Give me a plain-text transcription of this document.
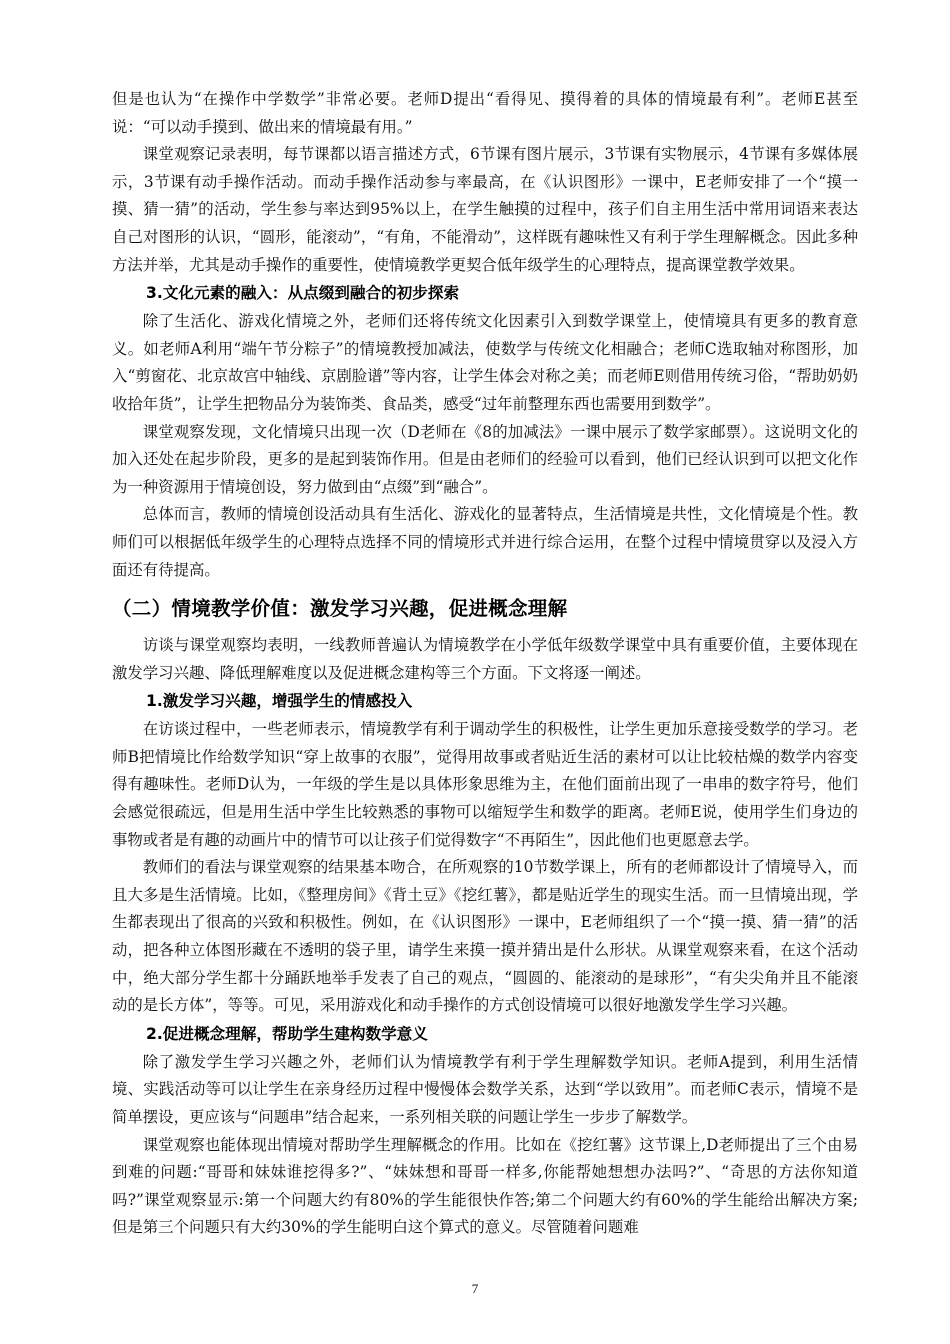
但是也认为“在操作中学数学”非常必要。老师D提出“看得见、摸得着的具体的情境最有利”。老师E甚至说：“可以动手摸到、做出来的情境最有用。”

课堂观察记录表明，每节课都以语言描述方式，6节课有图片展示，3节课有实物展示，4节课有多媒体展示，3节课有动手操作活动。而动手操作活动参与率最高，在《认识图形》一课中，E老师安排了一个“摸一摸、猜一猜”的活动，学生参与率达到95%以上，在学生触摸的过程中，孩子们自主用生活中常用词语来表达自己对图形的认识，“圆形，能滚动”，“有角，不能滑动”，这样既有趣味性又有利于学生理解概念。因此多种方法并举，尤其是动手操作的重要性，使情境教学更契合低年级学生的心理特点，提高课堂教学效果。

3.文化元素的融入：从点缀到融合的初步探索

除了生活化、游戏化情境之外，老师们还将传统文化因素引入到数学课堂上，使情境具有更多的教育意义。如老师A利用“端午节分粽子”的情境教授加减法，使数学与传统文化相融合；老师C选取轴对称图形，加入“剪窗花、北京故宫中轴线、京剧脸谱”等内容，让学生体会对称之美；而老师E则借用传统习俗，“帮助奶奶收拾年货”，让学生把物品分为装饰类、食品类，感受“过年前整理东西也需要用到数学”。

课堂观察发现，文化情境只出现一次（D老师在《8的加减法》一课中展示了数学家邮票）。这说明文化的加入还处在起步阶段，更多的是起到装饰作用。但是由老师们的经验可以看到，他们已经认识到可以把文化作为一种资源用于情境创设，努力做到由“点缀”到“融合”。

总体而言，教师的情境创设活动具有生活化、游戏化的显著特点，生活情境是共性，文化情境是个性。教师们可以根据低年级学生的心理特点选择不同的情境形式并进行综合运用，在整个过程中情境贯穿以及浸入方面还有待提高。

（二）情境教学价值：激发学习兴趣，促进概念理解

访谈与课堂观察均表明，一线教师普遍认为情境教学在小学低年级数学课堂中具有重要价值，主要体现在激发学习兴趣、降低理解难度以及促进概念建构等三个方面。下文将逐一阐述。

1.激发学习兴趣，增强学生的情感投入

在访谈过程中，一些老师表示，情境教学有利于调动学生的积极性，让学生更加乐意接受数学的学习。老师B把情境比作给数学知识“穿上故事的衣服”，觉得用故事或者贴近生活的素材可以让比较枯燥的数学内容变得有趣味性。老师D认为，一年级的学生是以具体形象思维为主，在他们面前出现了一串串的数字符号，他们会感觉很疏远，但是用生活中学生比较熟悉的事物可以缩短学生和数学的距离。老师E说，使用学生们身边的事物或者是有趣的动画片中的情节可以让孩子们觉得数字“不再陌生”，因此他们也更愿意去学。

教师们的看法与课堂观察的结果基本吻合，在所观察的10节数学课上，所有的老师都设计了情境导入，而且大多是生活情境。比如，《整理房间》《背土豆》《挖红薯》，都是贴近学生的现实生活。而一旦情境出现，学生都表现出了很高的兴致和积极性。例如，在《认识图形》一课中，E老师组织了一个“摸一摸、猜一猜”的活动，把各种立体图形藏在不透明的袋子里，请学生来摸一摸并猜出是什么形状。从课堂观察来看，在这个活动中，绝大部分学生都十分踊跃地举手发表了自己的观点，“圆圆的、能滚动的是球形”，“有尖尖角并且不能滚动的是长方体”，等等。可见，采用游戏化和动手操作的方式创设情境可以很好地激发学生学习兴趣。

2.促进概念理解，帮助学生建构数学意义

除了激发学生学习兴趣之外，老师们认为情境教学有利于学生理解数学知识。老师A提到，利用生活情境、实践活动等可以让学生在亲身经历过程中慢慢体会数学关系，达到“学以致用”。而老师C表示，情境不是简单摆设，更应该与“问题串”结合起来，一系列相关联的问题让学生一步步了解数学。

课堂观察也能体现出情境对帮助学生理解概念的作用。比如在《挖红薯》这节课上,D老师提出了三个由易到难的问题:“哥哥和妹妹谁挖得多?”、“妹妹想和哥哥一样多,你能帮她想想办法吗?”、“奇思的方法你知道吗?”课堂观察显示:第一个问题大约有80%的学生能很快作答;第二个问题大约有60%的学生能给出解决方案;但是第三个问题只有大约30%的学生能明白这个算式的意义。尽管随着问题难

7
